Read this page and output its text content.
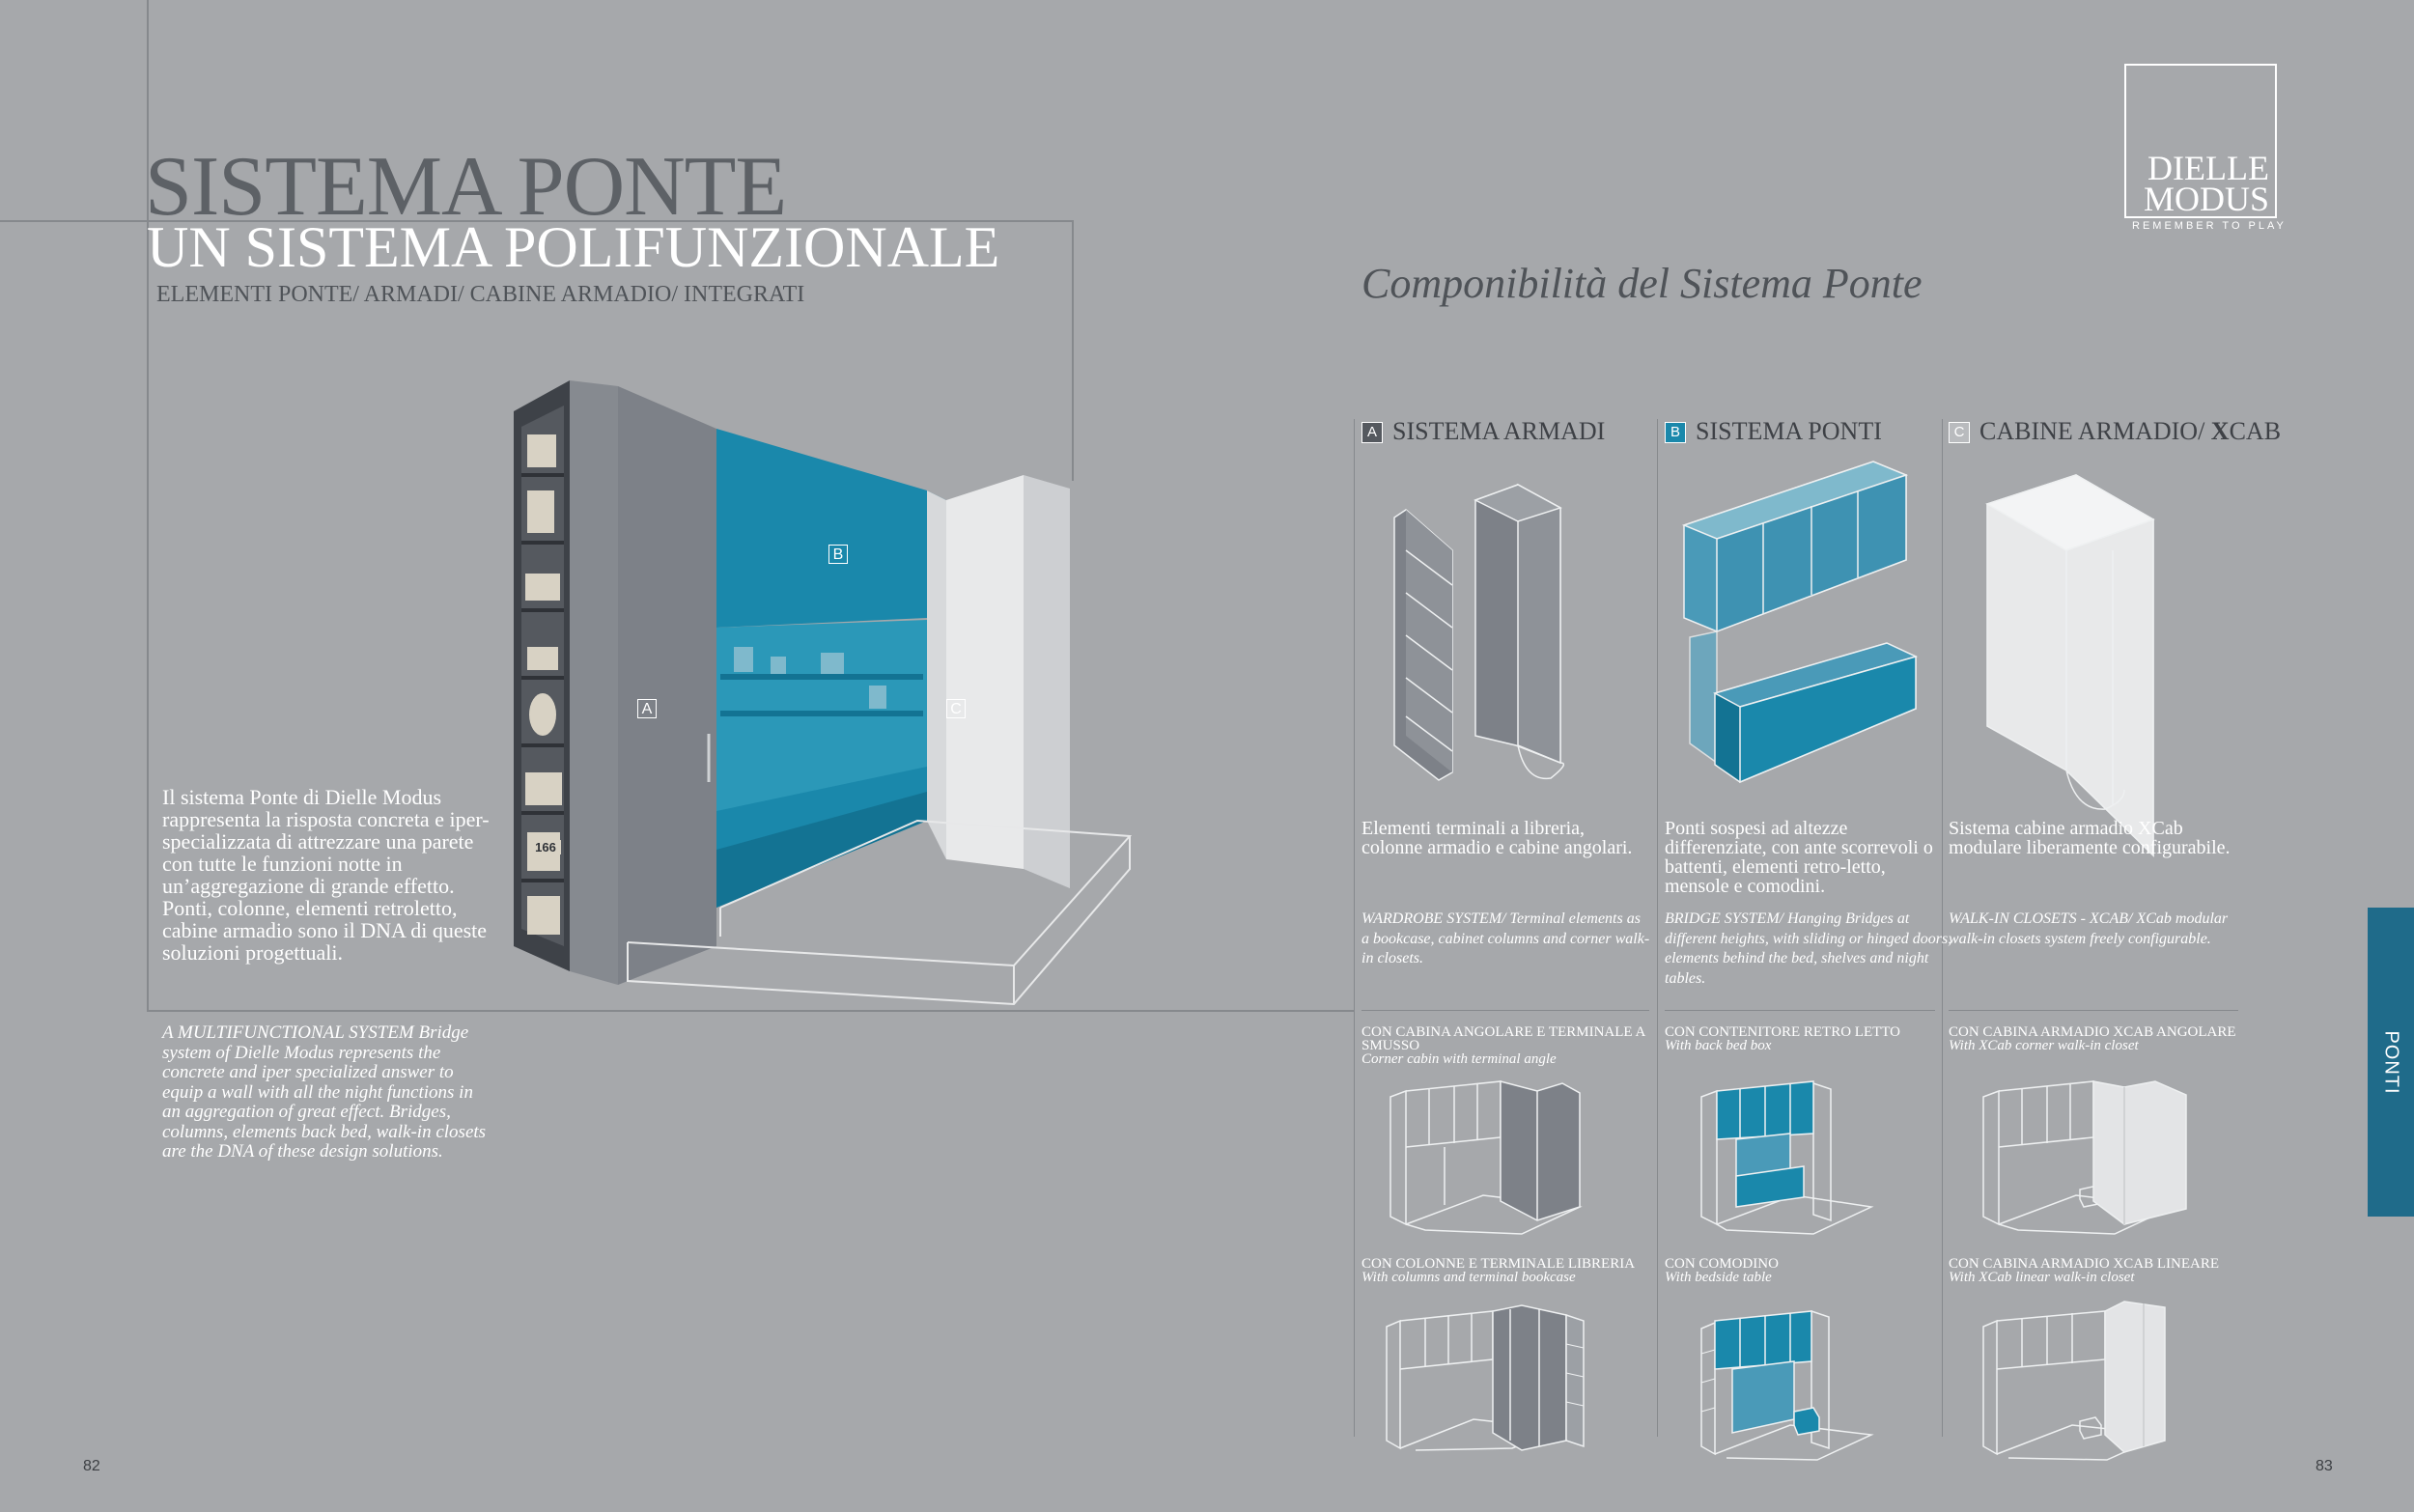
SISTEMA PONTE
UN SISTEMA POLIFUNZIONALE
ELEMENTI PONTE/ ARMADI/ CABINE ARMADIO/ INTEGRATI
A
B
C
166
Il sistema Ponte di Dielle Modus rappresenta la risposta concreta e iper-specializzata di attrezzare una parete con tutte le funzioni notte in un’aggregazione di grande effetto. Ponti, colonne, elementi retroletto, cabine armadio sono il DNA di queste soluzioni progettuali.
A MULTIFUNCTIONAL SYSTEM Bridge system of Dielle Modus represents the concrete and iper specialized answer to equip a wall with all the night functions in an aggregation of great effect. Bridges, columns, elements back bed, walk-in closets are the DNA of these design solutions.
82
DIELLE
MODUS
REMEMBER TO PLAY
Componibilità del Sistema Ponte
A SISTEMA ARMADI	B SISTEMA PONTI	C CABINE ARMADIO/ XCAB
Elementi terminali a libreria, colonne armadio e cabine angolari.
Ponti sospesi ad altezze differenziate, con ante scorrevoli o battenti, elementi retro-letto, mensole e comodini.
Sistema cabine armadio XCab modulare liberamente configurabile.
WARDROBE SYSTEM/ Terminal elements as a bookcase, cabinet columns and corner walk-in closets.
BRIDGE SYSTEM/ Hanging Bridges at different heights, with sliding or hinged doors, elements behind the bed, shelves and night tables.
WALK-IN CLOSETS - XCAB/ XCab modular walk-in closets system freely configurable.
CON CABINA ANGOLARE E TERMINALE A SMUSSO
Corner cabin with terminal angle
CON COLONNE E TERMINALE LIBRERIA
With columns and terminal bookcase
CON CONTENITORE RETRO LETTO
With back bed box
CON COMODINO
With bedside table
CON CABINA ARMADIO XCAB ANGOLARE
With XCab corner walk-in closet
CON CABINA ARMADIO XCAB LINEARE
With XCab linear walk-in closet
PONTI
83
